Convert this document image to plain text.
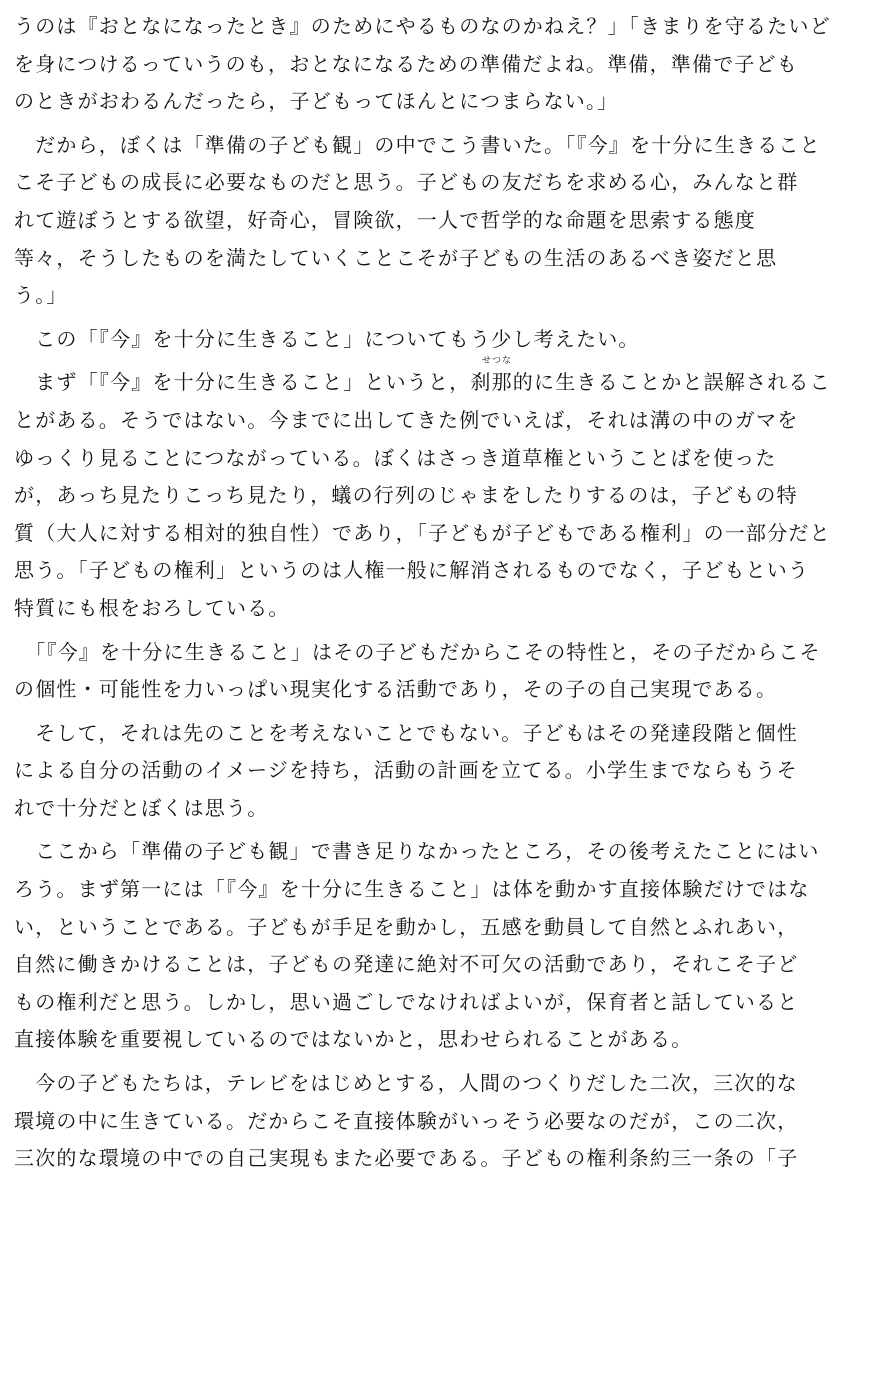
うのは『おとなになったとき』のためにやるものなのかねえ？」「きまりを守るたいど
を身につけるっていうのも，おとなになるための準備だよね。準備，準備で子ども
のときがおわるんだったら，子どもってほんとにつまらない。」

　だから，ぼくは「準備の子ども観」の中でこう書いた。「『今』を十分に生きること
こそ子どもの成長に必要なものだと思う。子どもの友だちを求める心，みんなと群
れて遊ぼうとする欲望，好奇心，冒険欲，一人で哲学的な命題を思索する態度
等々，そうしたものを満たしていくことこそが子どもの生活のあるべき姿だと思
う。」

　この「『今』を十分に生きること」についてもう少し考えたい。

せつな
　まず「『今』を十分に生きること」というと，刹那的に生きることかと誤解されるこ
とがある。そうではない。今までに出してきた例でいえば，それは溝の中のガマを
ゆっくり見ることにつながっている。ぼくはさっき道草権ということばを使った
が，あっち見たりこっち見たり，蟻の行列のじゃまをしたりするのは，子どもの特
質（大人に対する相対的独自性）であり，「子どもが子どもである権利」の一部分だと
思う。「子どもの権利」というのは人権一般に解消されるものでなく，子どもという
特質にも根をおろしている。

　「『今』を十分に生きること」はその子どもだからこその特性と，その子だからこそ
の個性・可能性を力いっぱい現実化する活動であり，その子の自己実現である。

　そして，それは先のことを考えないことでもない。子どもはその発達段階と個性
による自分の活動のイメージを持ち，活動の計画を立てる。小学生までならもうそ
れで十分だとぼくは思う。

　ここから「準備の子ども観」で書き足りなかったところ，その後考えたことにはい
ろう。まず第一には「『今』を十分に生きること」は体を動かす直接体験だけではな
い，ということである。子どもが手足を動かし，五感を動員して自然とふれあい，
自然に働きかけることは，子どもの発達に絶対不可欠の活動であり，それこそ子ど
もの権利だと思う。しかし，思い過ごしでなければよいが，保育者と話していると
直接体験を重要視しているのではないかと，思わせられることがある。

　今の子どもたちは，テレビをはじめとする，人間のつくりだした二次，三次的な
環境の中に生きている。だからこそ直接体験がいっそう必要なのだが，この二次，
三次的な環境の中での自己実現もまた必要である。子どもの権利条約三一条の「子
